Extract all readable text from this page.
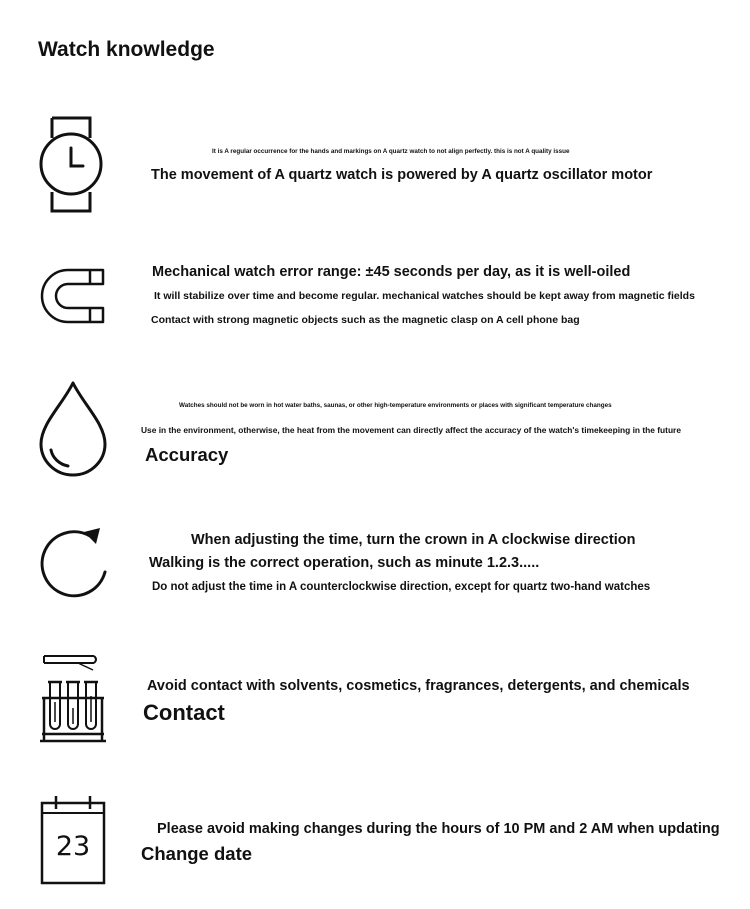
Watch knowledge
It is A regular occurrence for the hands and markings on A quartz watch to not align perfectly. this is not A quality issue
The movement of A quartz watch is powered by A quartz oscillator motor
Mechanical watch error range: ±45 seconds per day, as it is well-oiled
It will stabilize over time and become regular. mechanical watches should be kept away from magnetic fields
Contact with strong magnetic objects such as the magnetic clasp on A cell phone bag
Watches should not be worn in hot water baths, saunas, or other high-temperature environments or places with significant temperature changes
Use in the environment, otherwise, the heat from the movement can directly affect the accuracy of the watch's timekeeping in the future
Accuracy
When adjusting the time, turn the crown in A clockwise direction
Walking is the correct operation, such as minute 1.2.3.....
Do not adjust the time in A counterclockwise direction, except for quartz two-hand watches
Avoid contact with solvents, cosmetics, fragrances, detergents, and chemicals
Contact
23
Please avoid making changes during the hours of 10 PM and 2 AM when updating
Change date
